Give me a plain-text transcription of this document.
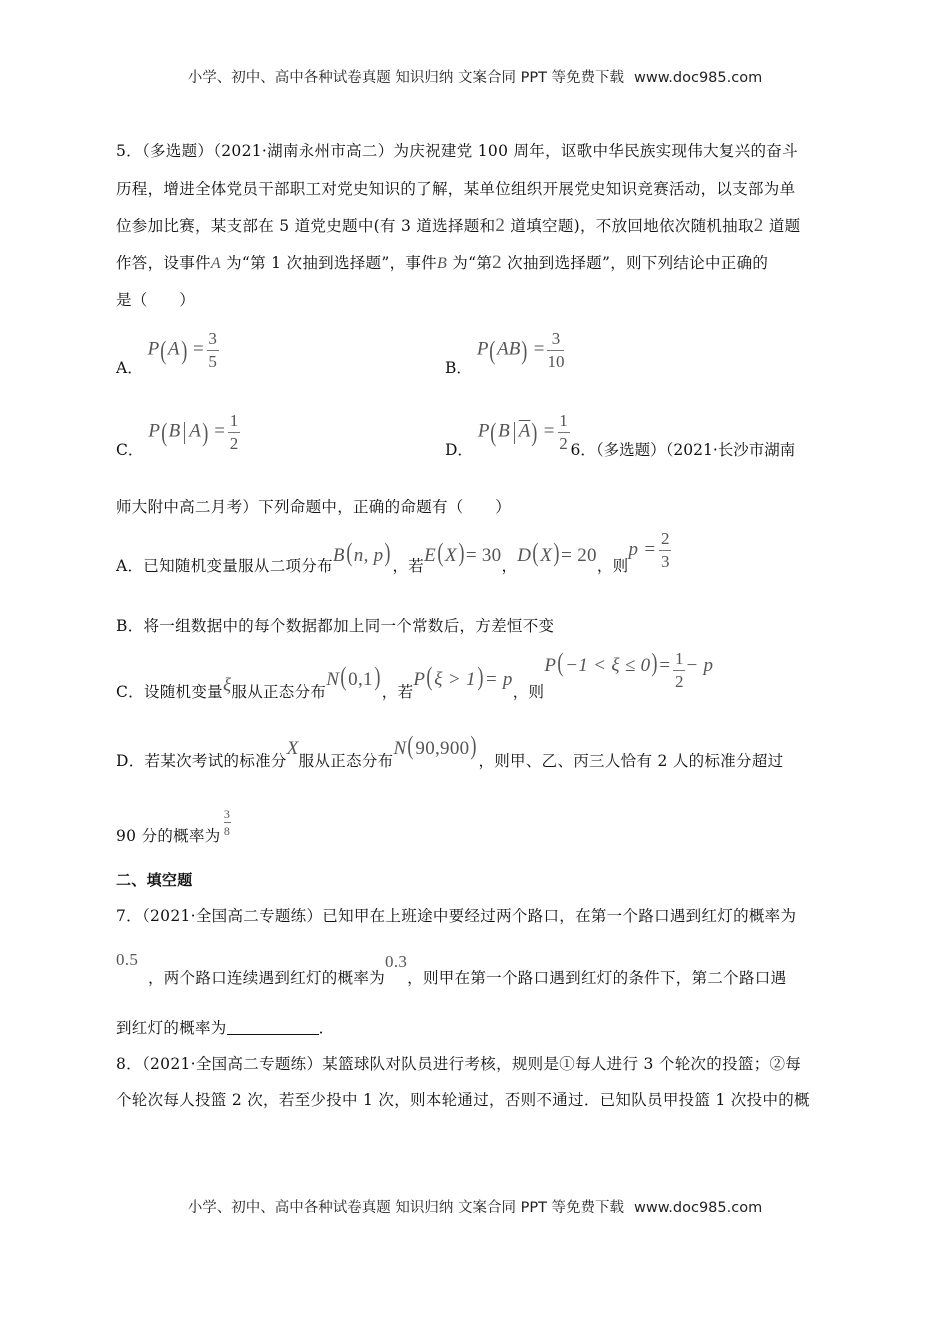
小学、初中、高中各种试卷真题 知识归纳 文案合同 PPT 等免费下载 www.doc985.com
5．（多选题）（2021·湖南永州市高二）为庆祝建党 100 周年，讴歌中华民族实现伟大复兴的奋斗
历程，增进全体党员干部职工对党史知识的了解，某单位组织开展党史知识竞赛活动，以支部为单
位参加比赛，某支部在 5 道党史题中(有 3 道选择题和2 道填空题)，不放回地依次随机抽取2 道题
作答，设事件A 为“第 1 次抽到选择题”，事件B 为“第2 次抽到选择题”，则下列结论中正确的
是（　　）
A． $P(A) = \frac{3}{5}$	B． $P(AB) = \frac{3}{10}$
C． P(B $A) = \frac{1}{2}$	D． P(B $\overline{A}) = \frac{1}{2} 6$．（多选题）（2021·长沙市湖南
师大附中高二月考）下列命题中，正确的命题有（　　）
A．已知随机变量服从二项分布B(n, p)，若E(X)= 30，D(X)= 20，则$p = \frac{2}{3}$
B．将一组数据中的每个数据都加上同一个常数后，方差恒不变
C．设随机变量ξ服从正态分布N(0,1)，若P(ξ > 1)= p，则$P(-1 < \xi \le 0)= \frac{1}{2} - p$
D．若某次考试的标准分X服从正态分布N(90,900)，则甲、乙、丙三人恰有 2 人的标准分超过
90 分的概率为 $\frac{3}{8}$
二、填空题
7．（2021·全国高二专题练）已知甲在上班途中要经过两个路口，在第一个路口遇到红灯的概率为
0.5
，两个路口连续遇到红灯的概率为0.3，则甲在第一个路口遇到红灯的条件下，第二个路口遇
到红灯的概率为	．
8．（2021·全国高二专题练）某篮球队对队员进行考核，规则是①每人进行 3 个轮次的投篮；②每
个轮次每人投篮 2 次，若至少投中 1 次，则本轮通过，否则不通过．已知队员甲投篮 1 次投中的概
小学、初中、高中各种试卷真题 知识归纳 文案合同 PPT 等免费下载 www.doc985.com
